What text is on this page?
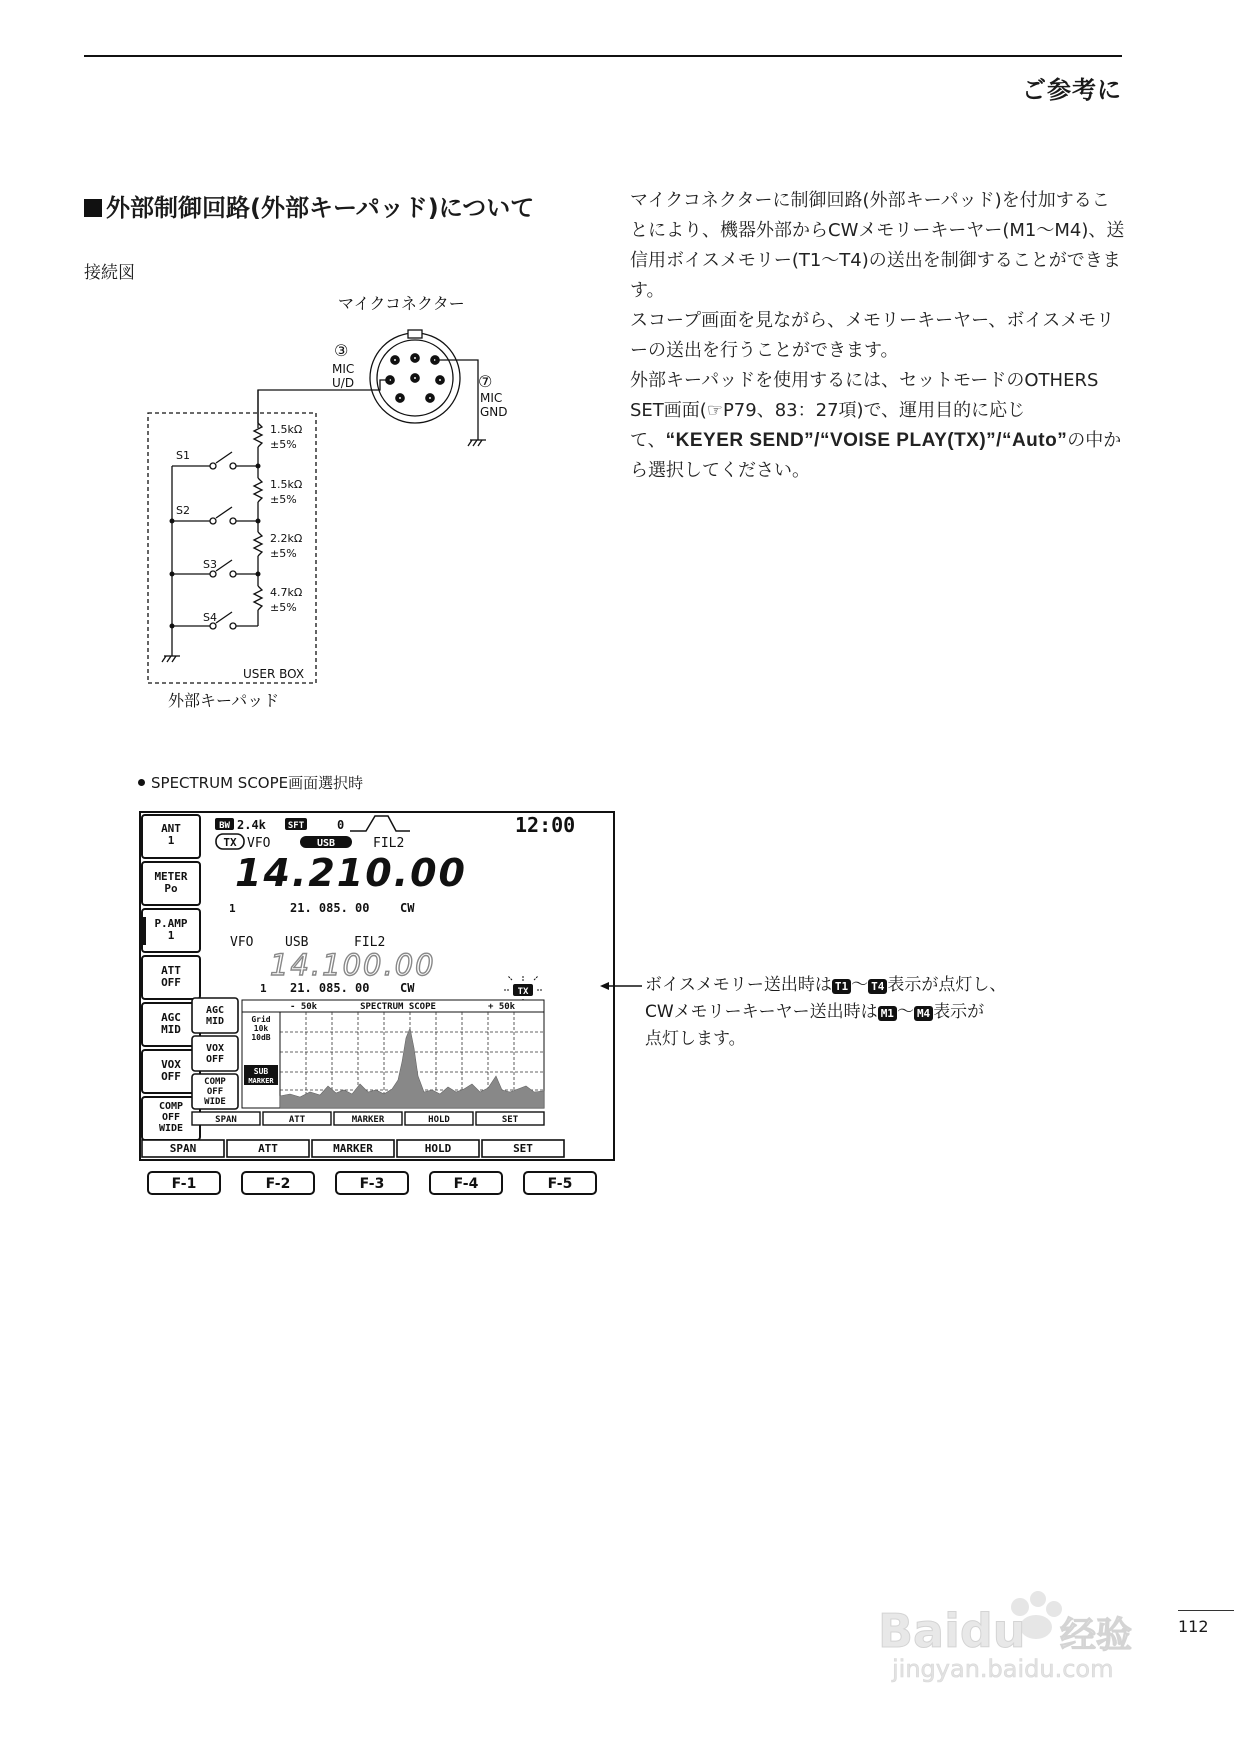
ご参考に
外部制御回路(外部キーパッド)について
接続図
マイクコネクター
③
MIC
U/D	⑦
MIC
GND
1.5kΩ
±5%
1.5kΩ
±5%
2.2kΩ
±5%
4.7kΩ
±5%
S1
S2
S3
S4
USER BOX
外部キーパッド

マイクコネクターに制御回路(外部キーパッド)を付加することにより、機器外部からCWメモリーキーヤー(M1〜M4)、送信用ボイスメモリー(T1〜T4)の送出を制御することができます。

スコープ画面を見ながら、メモリーキーヤー、ボイスメモリーの送出を行うことができます。

外部キーパッドを使用するには、セットモードのOTHERS SET画面(☞P79、83：27項)で、運用目的に応じて、“KEYER SEND”/“VOISE PLAY(TX)”/“Auto”の中から選択してください。

SPECTRUM SCOPE画面選択時
ANT
1
METER
Po
P.AMP
1
ATT
OFF
AGC
MID
VOX
OFF
COMP
OFF
WIDE
BW 2.4k SFT	0	12:00
TX VFO	USB	FIL2
14.210.00
1	21. 085. 00	CW
VFO USB	FIL2
14.100.00
1 21. 085. 00	CW	TX
AGC
MID
VOX
OFF
COMP
OFF
WIDE
- 50k	SPECTRUM SCOPE	+ 50k
Grid
10k
10dB
SUB
MARKER
SPAN	ATT	MARKER	HOLD	SET
SPAN	ATT	MARKER	HOLD	SET
F-1	F-2	F-3	F-4	F-5
ボイスメモリー送出時は T1 〜 T4 表示が点灯し、
CWメモリーキーヤー送出時は M1 〜 M4 表示が
点灯します。
Baidu 经验
jingyan.baidu.com
112
